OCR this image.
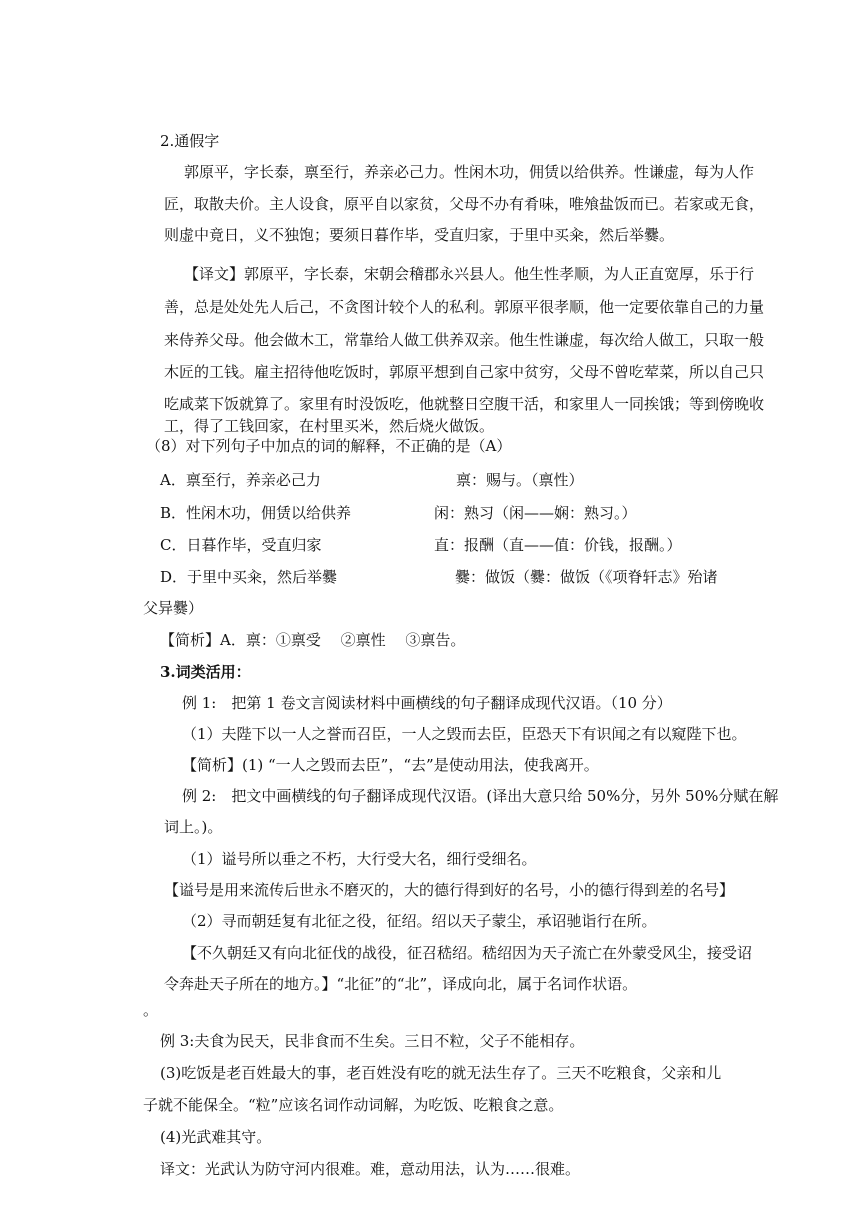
2.通假字
郭原平，字长泰，禀至行，养亲必己力。性闲木功，佣赁以给供养。性谦虚，每为人作
匠，取散夫价。主人设食，原平自以家贫，父母不办有肴味，唯飧盐饭而已。若家或无食，
则虚中竟日，义不独饱；要须日暮作毕，受直归家，于里中买籴，然后举爨。
【译文】郭原平，字长泰，宋朝会稽郡永兴县人。他生性孝顺，为人正直宽厚，乐于行
善，总是处处先人后己，不贪图计较个人的私利。郭原平很孝顺，他一定要依靠自己的力量
来侍养父母。他会做木工，常靠给人做工供养双亲。他生性谦虚，每次给人做工，只取一般
木匠的工钱。雇主招待他吃饭时，郭原平想到自己家中贫穷，父母不曾吃荤菜，所以自己只
吃咸菜下饭就算了。家里有时没饭吃，他就整日空腹干活，和家里人一同挨饿；等到傍晚收
工，得了工钱回家，在村里买米，然后烧火做饭。
（8）对下列句子中加点的词的解释，不正确的是（A）
A．禀至行，养亲必己力	禀：赐与。（禀性）
B．性闲木功，佣赁以给供养	闲：熟习（闲——娴：熟习。）
C．日暮作毕，受直归家	直：报酬（直——值：价钱，报酬。）
D．于里中买籴，然后举爨	爨：做饭（爨：做饭（《项脊轩志》殆诸
父异爨）
【简析】A．禀：①禀受　 ②禀性　 ③禀告。
3.词类活用：
例 1:　把第 1 卷文言阅读材料中画横线的句子翻译成现代汉语。（10 分）
（1）夫陛下以一人之誉而召臣，一人之毁而去臣，臣恐天下有识闻之有以窥陛下也。
【简析】(1) “一人之毁而去臣”，“去”是使动用法，使我离开。
例 2:　把文中画横线的句子翻译成现代汉语。(译出大意只给 50%分，另外 50%分赋在解
词上。)。
（1）谥号所以垂之不朽，大行受大名，细行受细名。
【谥号是用来流传后世永不磨灭的，大的德行得到好的名号，小的德行得到差的名号】
（2）寻而朝廷复有北征之役，征绍。绍以天子蒙尘，承诏驰诣行在所。
【不久朝廷又有向北征伐的战役，征召嵇绍。嵇绍因为天子流亡在外蒙受风尘，接受诏
令奔赴天子所在的地方。】“北征”的“北”，译成向北，属于名词作状语。
。
例 3:夫食为民天，民非食而不生矣。三日不粒，父子不能相存。
(3)吃饭是老百姓最大的事，老百姓没有吃的就无法生存了。三天不吃粮食，父亲和儿
子就不能保全。“粒”应该名词作动词解，为吃饭、吃粮食之意。
(4)光武难其守。
译文：光武认为防守河内很难。难，意动用法，认为……很难。
